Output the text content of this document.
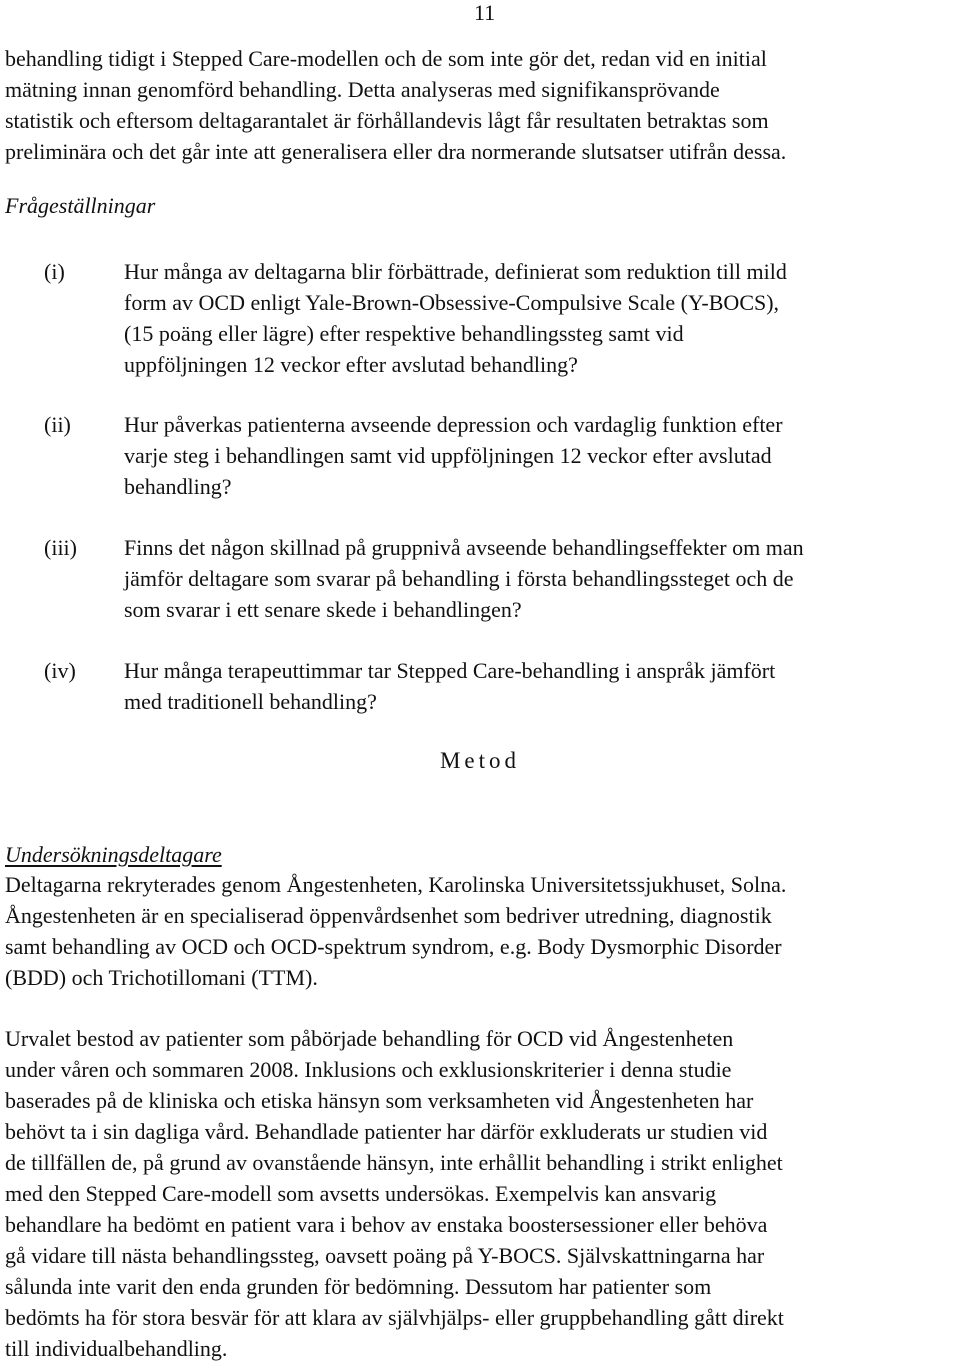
11

behandling tidigt i Stepped Care-modellen och de som inte gör det, redan vid en initial
mätning innan genomförd behandling. Detta analyseras med signifikansprövande
statistik och eftersom deltagarantalet är förhållandevis lågt får resultaten betraktas som
preliminära och det går inte att generalisera eller dra normerande slutsatser utifrån dessa.

Frågeställningar
(i)	Hur många av deltagarna blir förbättrade, definierat som reduktion till mild
form av OCD enligt Yale-Brown-Obsessive-Compulsive Scale (Y-BOCS),
(15 poäng eller lägre) efter respektive behandlingssteg samt vid
uppföljningen 12 veckor efter avslutad behandling?

(ii) Hur påverkas patienterna avseende depression och vardaglig funktion efter
varje steg i behandlingen samt vid uppföljningen 12 veckor efter avslutad
behandling?

(iii) Finns det någon skillnad på gruppnivå avseende behandlingseffekter om man
jämför deltagare som svarar på behandling i första behandlingssteget och de
som svarar i ett senare skede i behandlingen?

(iv) Hur många terapeuttimmar tar Stepped Care-behandling i anspråk jämfört
med traditionell behandling?

Metod
Undersökningsdeltagare

Deltagarna rekryterades genom Ångestenheten, Karolinska Universitetssjukhuset, Solna.
Ångestenheten är en specialiserad öppenvårdsenhet som bedriver utredning, diagnostik
samt behandling av OCD och OCD-spektrum syndrom, e.g. Body Dysmorphic Disorder
(BDD) och Trichotillomani (TTM).

Urvalet bestod av patienter som påbörjade behandling för OCD vid Ångestenheten
under våren och sommaren 2008. Inklusions och exklusionskriterier i denna studie
baserades på de kliniska och etiska hänsyn som verksamheten vid Ångestenheten har
behövt ta i sin dagliga vård. Behandlade patienter har därför exkluderats ur studien vid
de tillfällen de, på grund av ovanstående hänsyn, inte erhållit behandling i strikt enlighet
med den Stepped Care-modell som avsetts undersökas. Exempelvis kan ansvarig
behandlare ha bedömt en patient vara i behov av enstaka boostersessioner eller behöva
gå vidare till nästa behandlingssteg, oavsett poäng på Y-BOCS. Självskattningarna har
sålunda inte varit den enda grunden för bedömning. Dessutom har patienter som
bedömts ha för stora besvär för att klara av självhjälps- eller gruppbehandling gått direkt
till individualbehandling.
